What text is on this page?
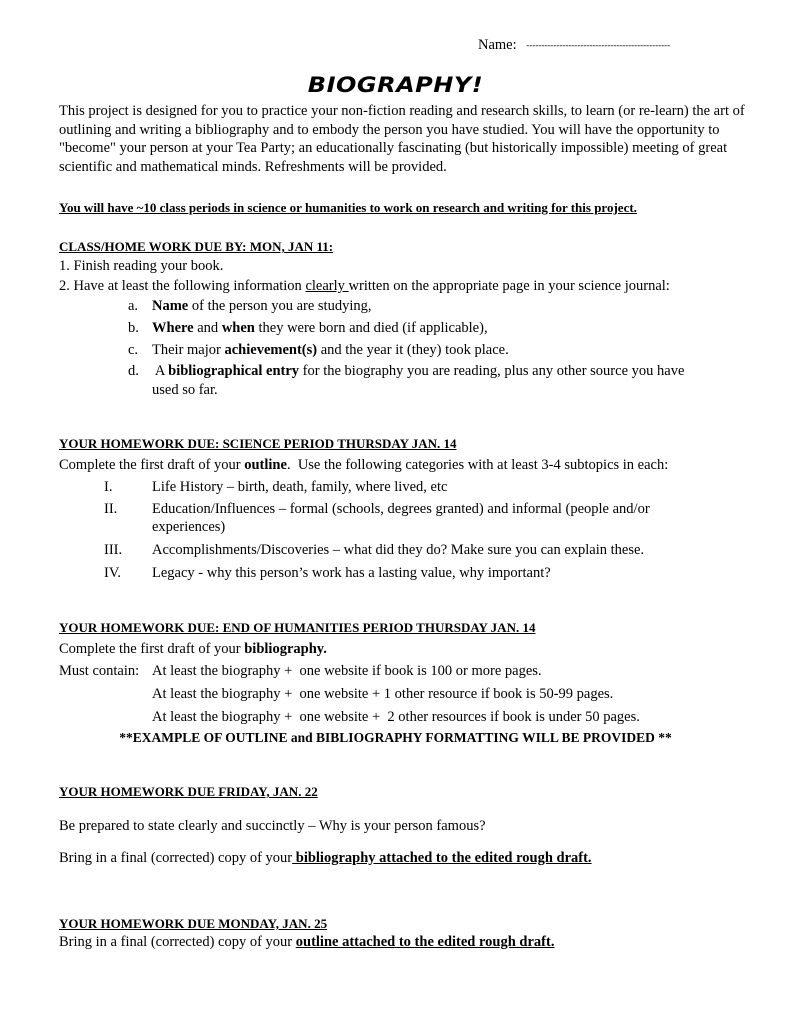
Name: ------------------------------------------------
BIOGRAPHY!
This project is designed for you to practice your non-fiction reading and research skills, to learn (or re-learn) the art of outlining and writing a bibliography and to embody the person you have studied. You will have the opportunity to "become" your person at your Tea Party; an educationally fascinating (but historically impossible) meeting of great scientific and mathematical minds. Refreshments will be provided.
You will have ~10 class periods in science or humanities to work on research and writing for this project.
CLASS/HOME WORK DUE BY: MON, JAN 11:
1. Finish reading your book.
2. Have at least the following information clearly written on the appropriate page in your science journal:
a. Name of the person you are studying,
b. Where and when they were born and died (if applicable),
c. Their major achievement(s) and the year it (they) took place.
d. A bibliographical entry for the biography you are reading, plus any other source you have
used so far.
YOUR HOMEWORK DUE: SCIENCE PERIOD THURSDAY JAN. 14
Complete the first draft of your outline.  Use the following categories with at least 3-4 subtopics in each:
I.	Life History – birth, death, family, where lived, etc
II. Education/Influences – formal (schools, degrees granted) and informal (people and/or
experiences)
III. Accomplishments/Discoveries – what did they do? Make sure you can explain these.
IV. Legacy - why this person’s work has a lasting value, why important?
YOUR HOMEWORK DUE: END OF HUMANITIES PERIOD THURSDAY JAN. 14
Complete the first draft of your bibliography.
Must contain: At least the biography +  one website if book is 100 or more pages.
At least the biography +  one website + 1 other resource if book is 50-99 pages.
At least the biography +  one website +  2 other resources if book is under 50 pages.
**EXAMPLE OF OUTLINE and BIBLIOGRAPHY FORMATTING WILL BE PROVIDED **
YOUR HOMEWORK DUE FRIDAY, JAN. 22
Be prepared to state clearly and succinctly – Why is your person famous?
Bring in a final (corrected) copy of your bibliography attached to the edited rough draft.
YOUR HOMEWORK DUE MONDAY, JAN. 25
Bring in a final (corrected) copy of your outline attached to the edited rough draft.
